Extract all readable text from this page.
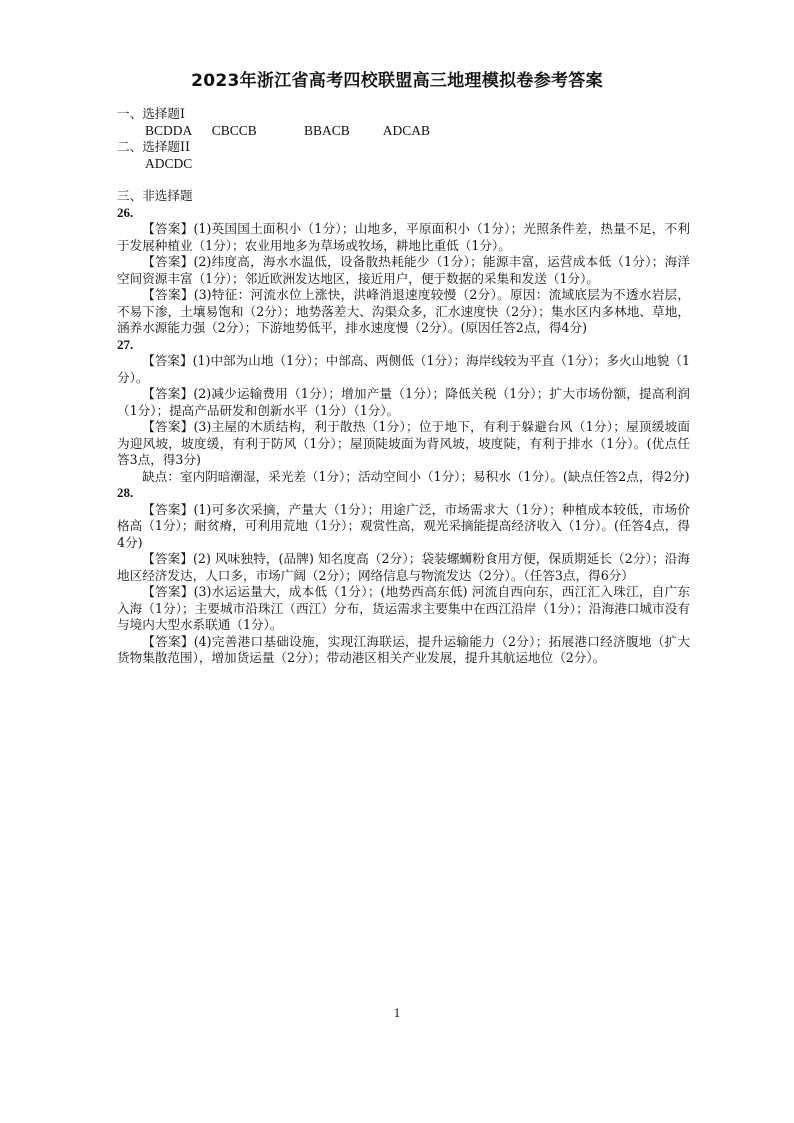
2023年浙江省高考四校联盟高三地理模拟卷参考答案

一、选择题I

BCDDA      CBCCB              BBACB          ADCAB

二、选择题II

ADCDC

三、非选择题

26.

【答案】(1)英国国土面积小（1分）；山地多，平原面积小（1分）；光照条件差，热量不足，不利于发展种植业（1分）；农业用地多为草场或牧场，耕地比重低（1分）。

【答案】(2)纬度高，海水水温低，设备散热耗能少（1分）；能源丰富，运营成本低（1分）；海洋空间资源丰富（1分）；邻近欧洲发达地区，接近用户，便于数据的采集和发送（1分）。

【答案】(3)特征：河流水位上涨快，洪峰消退速度较慢（2分）。原因：流域底层为不透水岩层，不易下渗，土壤易饱和（2分）；地势落差大、沟渠众多，汇水速度快（2分）；集水区内多林地、草地，涵养水源能力强（2分）；下游地势低平，排水速度慢（2分）。(原因任答2点，得4分)

27.

【答案】(1)中部为山地（1分）；中部高、两侧低（1分）；海岸线较为平直（1分）；多火山地貌（1分）。

【答案】(2)减少运输费用（1分）；增加产量（1分）；降低关税（1分）；扩大市场份额，提高利润（1分）；提高产品研发和创新水平（1分）（1分）。

【答案】(3)主屋的木质结构，利于散热（1分）；位于地下，有利于躲避台风（1分）；屋顶缓坡面为迎风坡，坡度缓，有利于防风（1分）；屋顶陡坡面为背风坡，坡度陡，有利于排水（1分）。(优点任答3点，得3分)

缺点：室内阴暗潮湿，采光差（1分）；活动空间小（1分）；易积水（1分）。(缺点任答2点，得2分)

28.

【答案】(1)可多次采摘，产量大（1分）；用途广泛，市场需求大（1分）；种植成本较低，市场价格高（1分）；耐贫瘠，可利用荒地（1分）；观赏性高，观光采摘能提高经济收入（1分）。(任答4点，得4分)

【答案】(2) 风味独特，(品牌) 知名度高（2分）；袋装螺蛳粉食用方便，保质期延长（2分）；沿海地区经济发达，人口多，市场广阔（2分）；网络信息与物流发达（2分）。（任答3点，得6分）

【答案】(3)水运运量大，成本低（1分）；(地势西高东低) 河流自西向东，西江汇入珠江，自广东入海（1分）；主要城市沿珠江（西江）分布，货运需求主要集中在西江沿岸（1分）；沿海港口城市没有与境内大型水系联通（1分）。

【答案】(4)完善港口基础设施，实现江海联运，提升运输能力（2分）；拓展港口经济腹地（扩大货物集散范围），增加货运量（2分）；带动港区相关产业发展，提升其航运地位（2分）。

1
